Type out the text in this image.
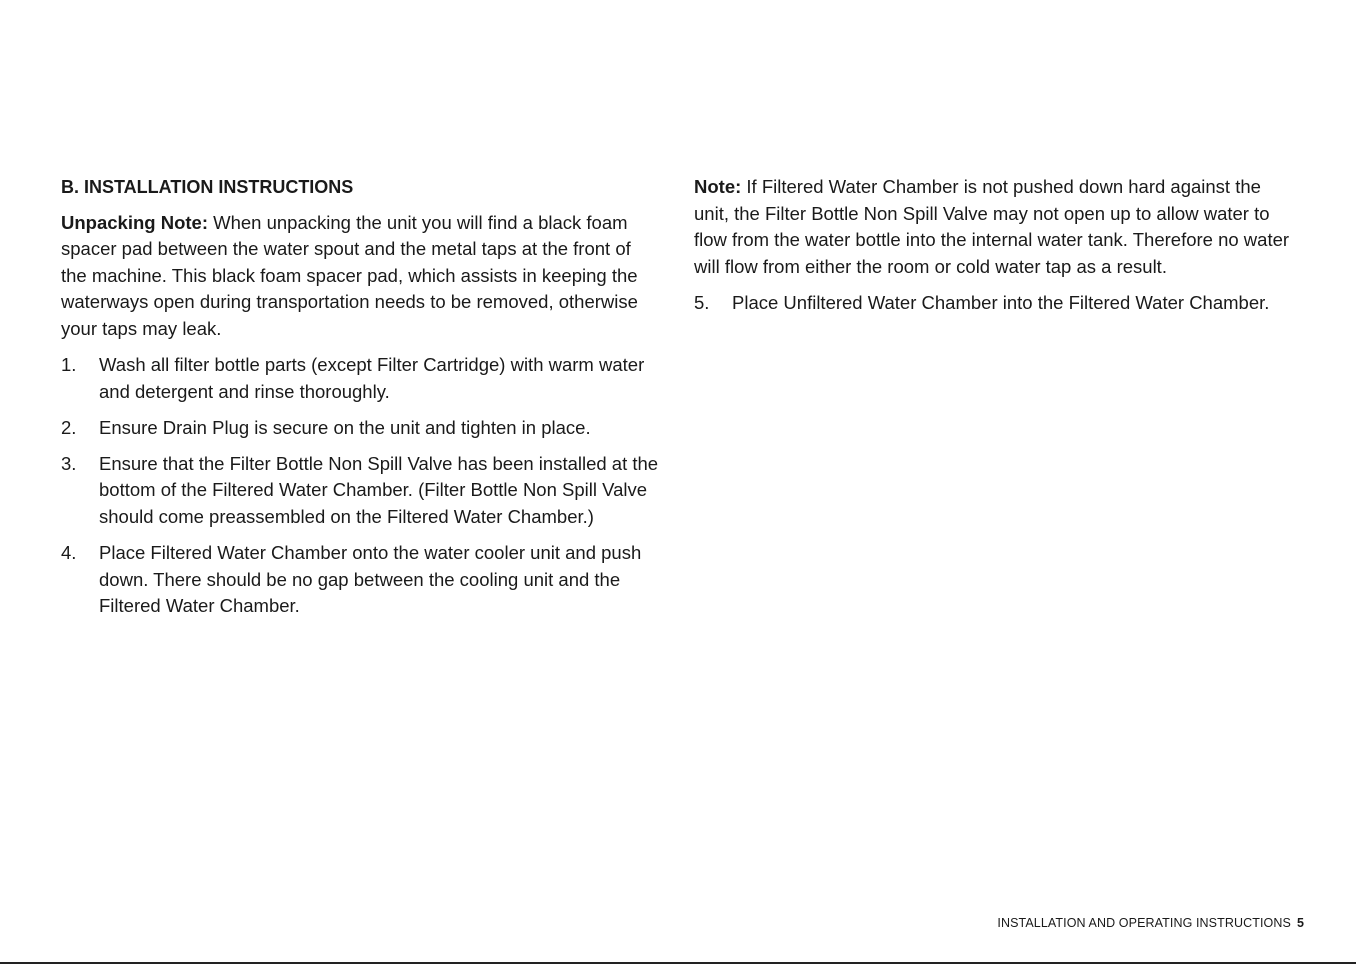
B. INSTALLATION INSTRUCTIONS

Unpacking Note: When unpacking the unit you will find a black foam spacer pad between the water spout and the metal taps at the front of the machine. This black foam spacer pad, which assists in keeping the waterways open during transportation needs to be removed, otherwise your taps may leak.

1. Wash all filter bottle parts (except Filter Cartridge) with warm water and detergent and rinse thoroughly.
2. Ensure Drain Plug is secure on the unit and tighten in place.
3. Ensure that the Filter Bottle Non Spill Valve has been installed at the bottom of the Filtered Water Chamber. (Filter Bottle Non Spill Valve should come preassembled on the Filtered Water Chamber.)
4. Place Filtered Water Chamber onto the water cooler unit and push down. There should be no gap between the cooling unit and the Filtered Water Chamber.

Note: If Filtered Water Chamber is not pushed down hard against the unit, the Filter Bottle Non Spill Valve may not open up to allow water to flow from the water bottle into the internal water tank. Therefore no water will flow from either the room or cold water tap as a result.

5. Place Unfiltered Water Chamber into the Filtered Water Chamber.
INSTALLATION AND OPERATING INSTRUCTIONS 5
